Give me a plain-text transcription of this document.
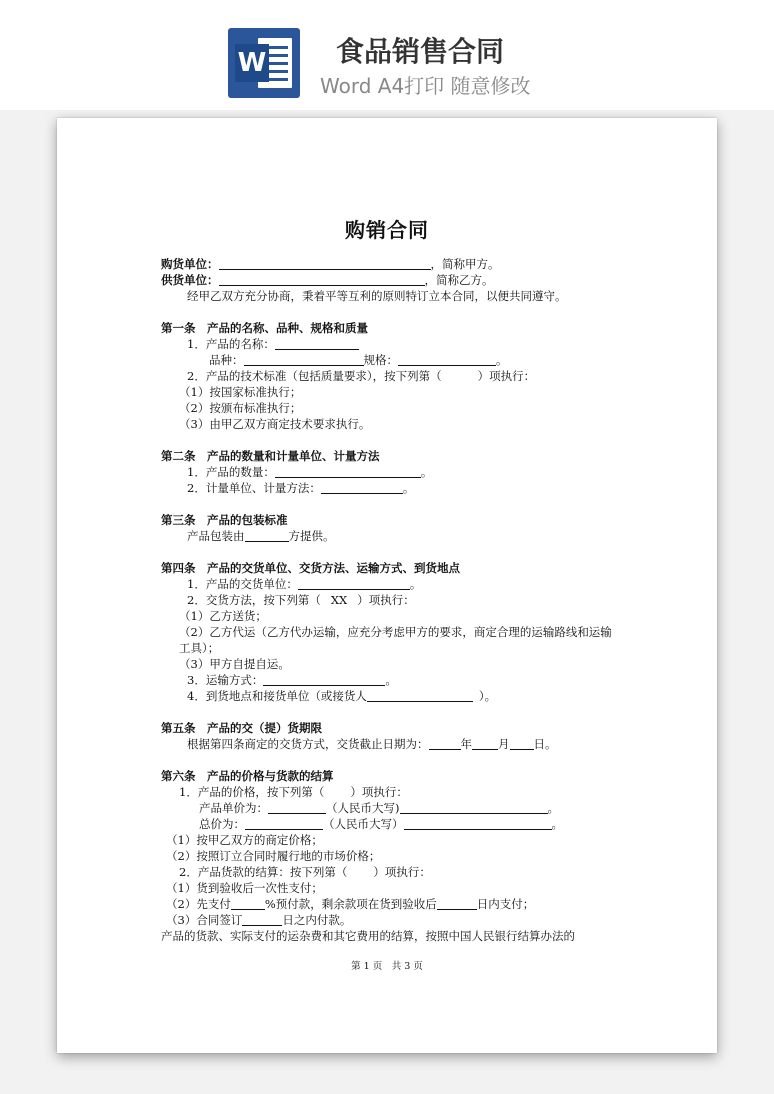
W	食品销售合同
Word A4打印 随意修改
购销合同
购货单位：	，简称甲方。
供货单位：	，简称乙方。
经甲乙双方充分协商，秉着平等互利的原则特订立本合同，以便共同遵守。
第一条　产品的名称、品种、规格和质量
1．产品的名称：
品种：	规格：	。
2．产品的技术标准（包括质量要求），按下列第（	）项执行：
（1）按国家标准执行；
（2）按颁布标准执行；
（3）由甲乙双方商定技术要求执行。
第二条　产品的数量和计量单位、计量方法
1．产品的数量：	。
2．计量单位、计量方法：	。
第三条　产品的包装标准
产品包装由	方提供。
第四条　产品的交货单位、交货方法、运输方式、到货地点
1．产品的交货单位：	。
2．交货方法，按下列第（ XX ）项执行：
（1）乙方送货；
（2）乙方代运（乙方代办运输，应充分考虑甲方的要求，商定合理的运输路线和运输工具）；
（3）甲方自提自运。
3．运输方式：	。
4．到货地点和接货单位（或接货人	）。
第五条　产品的交（提）货期限
根据第四条商定的交货方式，交货截止日期为：	年 月 日。
第六条　产品的价格与货款的结算
1．产品的价格，按下列第（ ）项执行：
产品单价为：	（人民币大写)	。
总价为：	（人民币大写）	。
（1）按甲乙双方的商定价格；
（2）按照订立合同时履行地的市场价格；
2．产品货款的结算：按下列第（ ）项执行：
（1）货到验收后一次性支付；
（2）先支付	%预付款，剩余款项在货到验收后	日内支付；
（3）合同签订	日之内付款。
产品的货款、实际支付的运杂费和其它费用的结算，按照中国人民银行结算办法的
第 1 页　共 3 页
